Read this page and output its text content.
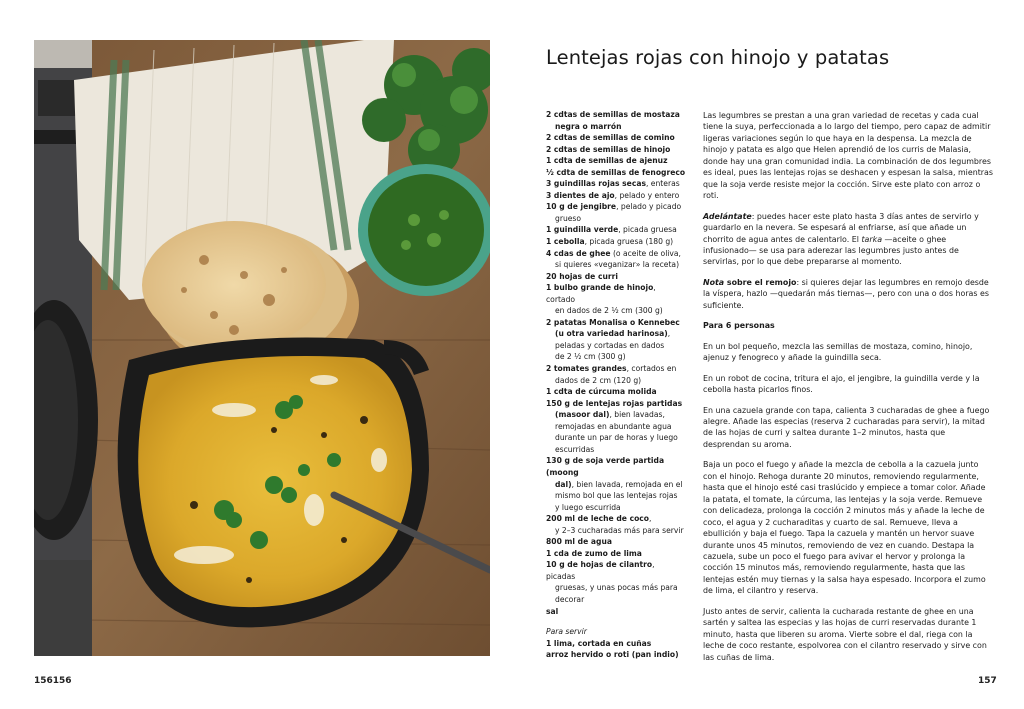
156156
Lentejas rojas con hinojo y patatas
2 cdtas de semillas de mostaza
negra o marrón
2 cdtas de semillas de comino
2 cdtas de semillas de hinojo
1 cdta de semillas de ajenuz
½ cdta de semillas de fenogreco
3 guindillas rojas secas, enteras
3 dientes de ajo, pelado y entero
10 g de jengibre, pelado y picado
grueso
1 guindilla verde, picada gruesa
1 cebolla, picada gruesa (180 g)
4 cdas de ghee (o aceite de oliva,
si quieres «veganizar» la receta)
20 hojas de curri
1 bulbo grande de hinojo, cortado
en dados de 2 ½ cm (300 g)
2 patatas Monalisa o Kennebec
(u otra variedad harinosa),
peladas y cortadas en dados
de 2 ½ cm (300 g)
2 tomates grandes, cortados en
dados de 2 cm (120 g)
1 cdta de cúrcuma molida
150 g de lentejas rojas partidas
(masoor dal), bien lavadas,
remojadas en abundante agua
durante un par de horas y luego
escurridas
130 g de soja verde partida (moong
dal), bien lavada, remojada en el
mismo bol que las lentejas rojas
y luego escurrida
200 ml de leche de coco,
y 2–3 cucharadas más para servir
800 ml de agua
1 cda de zumo de lima
10 g de hojas de cilantro, picadas
gruesas, y unas pocas más para
decorar
sal
Para servir
1 lima, cortada en cuñas
arroz hervido o roti (pan indio)

Las legumbres se prestan a una gran variedad de recetas y cada cual tiene la suya, perfeccionada a lo largo del tiempo, pero capaz de admitir ligeras variaciones según lo que haya en la despensa. La mezcla de hinojo y patata es algo que Helen aprendió de los curris de Malasia, donde hay una gran comunidad india. La combinación de dos legumbres es ideal, pues las lentejas rojas se deshacen y espesan la salsa, mientras que la soja verde resiste mejor la cocción. Sirve este plato con arroz o roti.

Adelántate: puedes hacer este plato hasta 3 días antes de servirlo y guardarlo en la nevera. Se espesará al enfriarse, así que añade un chorrito de agua antes de calentarlo. El tarka —aceite o ghee infusionado— se usa para aderezar las legumbres justo antes de servirlas, por lo que debe prepararse al momento.

Nota sobre el remojo: si quieres dejar las legumbres en remojo desde la víspera, hazlo —quedarán más tiernas—, pero con una o dos horas es suficiente.

Para 6 personas

En un bol pequeño, mezcla las semillas de mostaza, comino, hinojo, ajenuz y fenogreco y añade la guindilla seca.

En un robot de cocina, tritura el ajo, el jengibre, la guindilla verde y la cebolla hasta picarlos finos.

En una cazuela grande con tapa, calienta 3 cucharadas de ghee a fuego alegre. Añade las especias (reserva 2 cucharadas para servir), la mitad de las hojas de curri y saltea durante 1–2 minutos, hasta que desprendan su aroma.

Baja un poco el fuego y añade la mezcla de cebolla a la cazuela junto con el hinojo. Rehoga durante 20 minutos, removiendo regularmente, hasta que el hinojo esté casi traslúcido y empiece a tomar color. Añade la patata, el tomate, la cúrcuma, las lentejas y la soja verde. Remueve con delicadeza, prolonga la cocción 2 minutos más y añade la leche de coco, el agua y 2 cucharaditas y cuarto de sal. Remueve, lleva a ebullición y baja el fuego. Tapa la cazuela y mantén un hervor suave durante unos 45 minutos, removiendo de vez en cuando. Destapa la cazuela, sube un poco el fuego para avivar el hervor y prolonga la cocción 15 minutos más, removiendo regularmente, hasta que las lentejas estén muy tiernas y la salsa haya espesado. Incorpora el zumo de lima, el cilantro y reserva.

Justo antes de servir, calienta la cucharada restante de ghee en una sartén y saltea las especias y las hojas de curri reservadas durante 1 minuto, hasta que liberen su aroma. Vierte sobre el dal, riega con la leche de coco restante, espolvorea con el cilantro reservado y sirve con las cuñas de lima.

157
